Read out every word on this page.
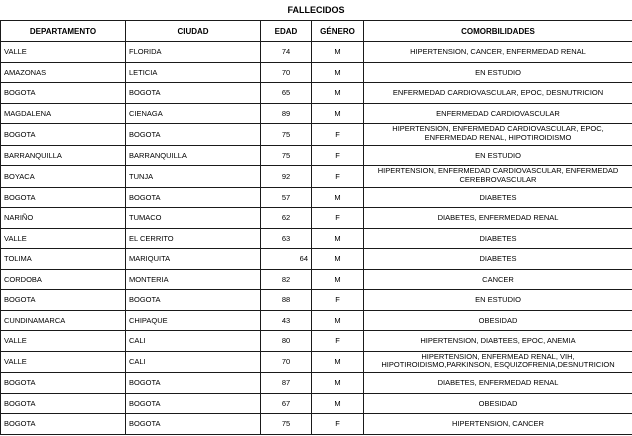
FALLECIDOS
DEPARTAMENTO	CIUDAD	EDAD	GÉNERO	COMORBILIDADES
VALLE	FLORIDA	74	M	HIPERTENSION, CANCER, ENFERMEDAD RENAL
AMAZONAS	LETICIA	70	M	EN ESTUDIO
BOGOTA	BOGOTA	65	M	ENFERMEDAD CARDIOVASCULAR, EPOC, DESNUTRICION
MAGDALENA	CIENAGA	89	M	ENFERMEDAD CARDIOVASCULAR
BOGOTA	BOGOTA	75	F	HIPERTENSION, ENFERMEDAD CARDIOVASCULAR, EPOC, ENFERMEDAD RENAL, HIPOTIROIDISMO
BARRANQUILLA	BARRANQUILLA	75	F	EN ESTUDIO
BOYACA	TUNJA	92	F	HIPERTENSION, ENFERMEDAD CARDIOVASCULAR, ENFERMEDAD CEREBROVASCULAR
BOGOTA	BOGOTA	57	M	DIABETES
NARIÑO	TUMACO	62	F	DIABETES, ENFERMEDAD RENAL
VALLE	EL CERRITO	63	M	DIABETES
TOLIMA	MARIQUITA	64	M	DIABETES
CORDOBA	MONTERIA	82	M	CANCER
BOGOTA	BOGOTA	88	F	EN ESTUDIO
CUNDINAMARCA	CHIPAQUE	43	M	OBESIDAD
VALLE	CALI	80	F	HIPERTENSION, DIABTEES, EPOC, ANEMIA
VALLE	CALI	70	M	HIPERTENSION, ENFERMEAD RENAL, VIH, HIPOTIROIDISMO,PARKINSON, ESQUIZOFRENIA,DESNUTRICION
BOGOTA	BOGOTA	87	M	DIABETES, ENFERMEDAD RENAL
BOGOTA	BOGOTA	67	M	OBESIDAD
BOGOTA	BOGOTA	75	F	HIPERTENSION, CANCER
